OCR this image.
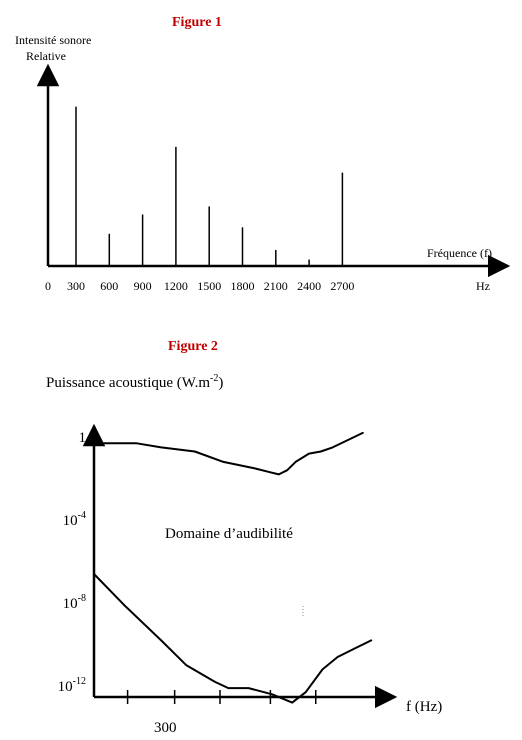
Figure 1
Intensité sonore
Relative
0 300 600 900 1200 1500 1800 2100 2400 2700
Fréquence (f)
Hz
Figure 2
Puissance acoustique $(W.m^{-2})$
1
$10^{-4}$
$10^{-8}$
$10^{-12}$
f (Hz)
300
Domaine d’audibilité
